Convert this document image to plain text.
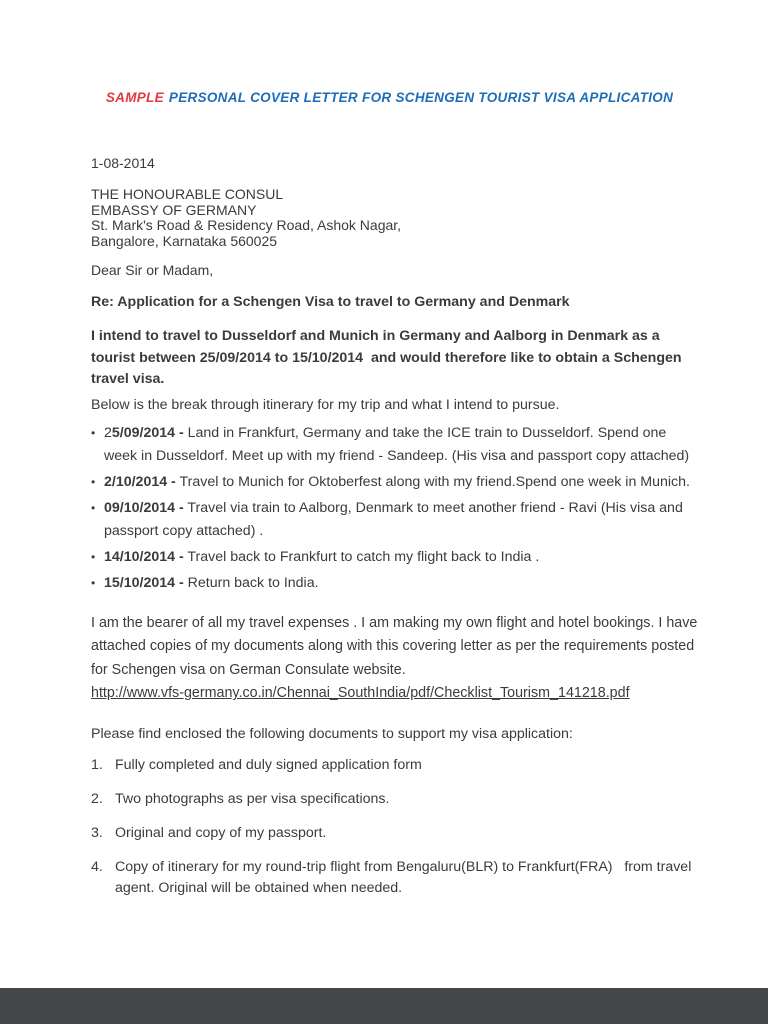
SAMPLE PERSONAL COVER LETTER FOR SCHENGEN TOURIST VISA APPLICATION

1-08-2014

THE HONOURABLE CONSUL
EMBASSY OF GERMANY
St. Mark's Road & Residency Road, Ashok Nagar,
Bangalore, Karnataka 560025

Dear Sir or Madam,

Re: Application for a Schengen Visa to travel to Germany and Denmark

I intend to travel to Dusseldorf and Munich in Germany and Aalborg in Denmark as a tourist between 25/09/2014 to 15/10/2014  and would therefore like to obtain a Schengen travel visa.

Below is the break through itinerary for my trip and what I intend to pursue.

• 25/09/2014 - Land in Frankfurt, Germany and take the ICE train to Dusseldorf. Spend one week in Dusseldorf. Meet up with my friend - Sandeep. (His visa and passport copy attached)
• 2/10/2014 - Travel to Munich for Oktoberfest along with my friend.Spend one week in Munich.
• 09/10/2014 - Travel via train to Aalborg, Denmark to meet another friend - Ravi (His visa and passport copy attached) .
• 14/10/2014 - Travel back to Frankfurt to catch my flight back to India .
• 15/10/2014 - Return back to India.

I am the bearer of all my travel expenses . I am making my own flight and hotel bookings. I have attached copies of my documents along with this covering letter as per the requirements posted for Schengen visa on German Consulate website.

http://www.vfs-germany.co.in/Chennai_SouthIndia/pdf/Checklist_Tourism_141218.pdf

Please find enclosed the following documents to support my visa application:

1. Fully completed and duly signed application form
2. Two photographs as per visa specifications.
3. Original and copy of my passport.
4. Copy of itinerary for my round-trip flight from Bengaluru(BLR) to Frankfurt(FRA)   from travel agent. Original will be obtained when needed.
